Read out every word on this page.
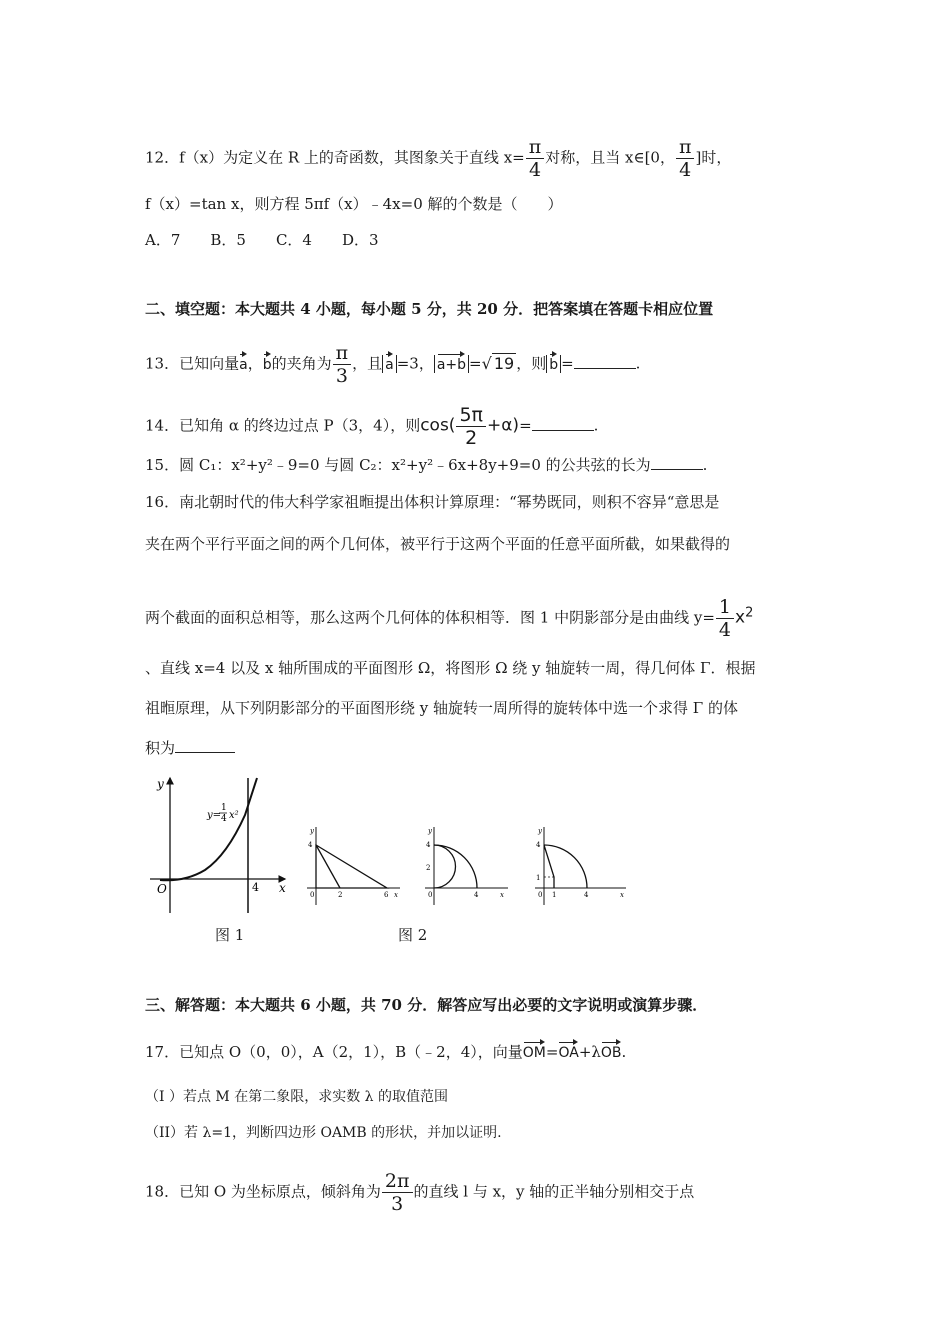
12．f（x）为定义在 R 上的奇函数，其图象关于直线 $x= \frac{\pi}{4}$ 对称，且当 x∈[0， $\frac{\pi}{4}$ ]时，
f（x）=tan x，则方程 5πf（x）﹣4x=0 解的个数是（　　）
A．7　　B．5　　C．4　　D．3
二、填空题：本大题共 4 小题，每小题 5 分，共 20 分．把答案填在答题卡相应位置
13．已知向量a，b的夹角为 $\frac{\pi}{3}$ ，且 a =3， a+b =√ 19 ，则 b =	.
14．已知角 α 的终边过点 P（3，4），则$\cos( \frac{5\pi}{2} +\alpha)=$	.
15．圆 C₁：x²+y²﹣9=0 与圆 C₂：x²+y²﹣6x+8y+9=0 的公共弦的长为	.
16．南北朝时代的伟大科学家祖暅提出体积计算原理：“幂势既同，则积不容异“意思是
夹在两个平行平面之间的两个几何体，被平行于这两个平面的任意平面所截，如果截得的
两个截面的面积总相等，那么这两个几何体的体积相等．图 1 中阴影部分是由曲线 $y= \frac{1}{4} x^2$
、直线 x=4 以及 x 轴所围成的平面图形 Ω，将图形 Ω 绕 y 轴旋转一周，得几何体 Γ．根据
祖暅原理，从下列阴影部分的平面图形绕 y 轴旋转一周所得的旋转体中选一个求得 Γ 的体
积为
y
x
O	4
y=
1
4 x²
图 1
4
0	2	6
y
x
4
2
0	4
y
x
4
1
0 1	4
y
x
图 2
三、解答题：本大题共 6 小题，共 70 分．解答应写出必要的文字说明或演算步骤．
17．已知点 O（0，0），A（2，1），B（﹣2，4），向量OM=OA+λOB.
（I ）若点 M 在第二象限，求实数 λ 的取值范围
（II）若 λ=1，判断四边形 OAMB 的形状，并加以证明.
18．已知 O 为坐标原点，倾斜角为 $\frac{2\pi}{3}$ 的直线 l 与 x，y 轴的正半轴分别相交于点
